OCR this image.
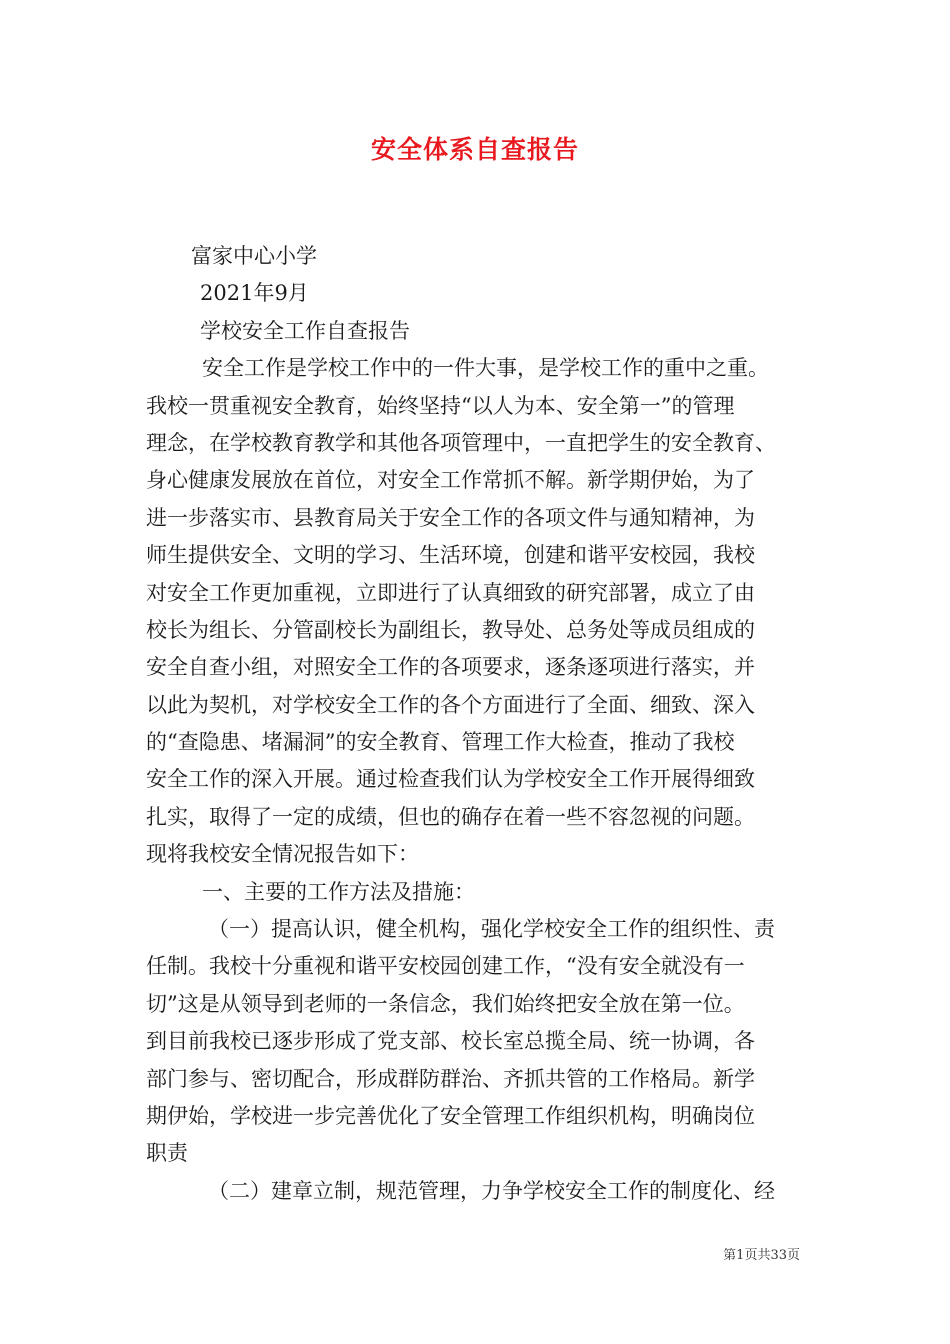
安全体系自查报告
富家中心小学
2021年9月
学校安全工作自查报告
安全工作是学校工作中的一件大事，是学校工作的重中之重。
我校一贯重视安全教育，始终坚持“以人为本、安全第一”的管理
理念，在学校教育教学和其他各项管理中，一直把学生的安全教育、
身心健康发展放在首位，对安全工作常抓不解。新学期伊始，为了
进一步落实市、县教育局关于安全工作的各项文件与通知精神，为
师生提供安全、文明的学习、生活环境，创建和谐平安校园，我校
对安全工作更加重视，立即进行了认真细致的研究部署，成立了由
校长为组长、分管副校长为副组长，教导处、总务处等成员组成的
安全自查小组，对照安全工作的各项要求，逐条逐项进行落实，并
以此为契机，对学校安全工作的各个方面进行了全面、细致、深入
的“查隐患、堵漏洞”的安全教育、管理工作大检查，推动了我校
安全工作的深入开展。通过检查我们认为学校安全工作开展得细致
扎实，取得了一定的成绩，但也的确存在着一些不容忽视的问题。
现将我校安全情况报告如下：
一、主要的工作方法及措施：
（一）提高认识，健全机构，强化学校安全工作的组织性、责
任制。我校十分重视和谐平安校园创建工作，“没有安全就没有一
切”这是从领导到老师的一条信念，我们始终把安全放在第一位。
到目前我校已逐步形成了党支部、校长室总揽全局、统一协调，各
部门参与、密切配合，形成群防群治、齐抓共管的工作格局。新学
期伊始，学校进一步完善优化了安全管理工作组织机构，明确岗位
职责
（二）建章立制，规范管理，力争学校安全工作的制度化、经
第1页共33页
